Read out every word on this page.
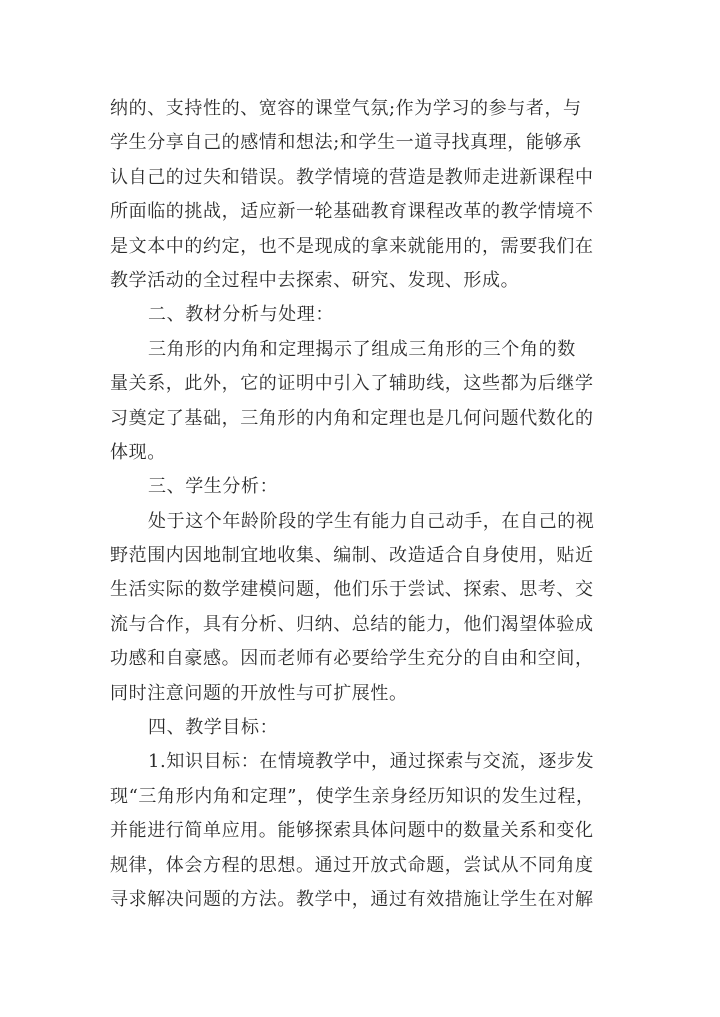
纳的、支持性的、宽容的课堂气氛;作为学习的参与者，与
学生分享自己的感情和想法;和学生一道寻找真理，能够承
认自己的过失和错误。教学情境的营造是教师走进新课程中
所面临的挑战，适应新一轮基础教育课程改革的教学情境不
是文本中的约定，也不是现成的拿来就能用的，需要我们在
教学活动的全过程中去探索、研究、发现、形成。
二、教材分析与处理：
三角形的内角和定理揭示了组成三角形的三个角的数
量关系，此外，它的证明中引入了辅助线，这些都为后继学
习奠定了基础，三角形的内角和定理也是几何问题代数化的
体现。
三、学生分析：
处于这个年龄阶段的学生有能力自己动手，在自己的视
野范围内因地制宜地收集、编制、改造适合自身使用，贴近
生活实际的数学建模问题，他们乐于尝试、探索、思考、交
流与合作，具有分析、归纳、总结的能力，他们渴望体验成
功感和自豪感。因而老师有必要给学生充分的自由和空间，
同时注意问题的开放性与可扩展性。
四、教学目标：
1.知识目标：在情境教学中，通过探索与交流，逐步发
现“三角形内角和定理”，使学生亲身经历知识的发生过程，
并能进行简单应用。能够探索具体问题中的数量关系和变化
规律，体会方程的思想。通过开放式命题，尝试从不同角度
寻求解决问题的方法。教学中，通过有效措施让学生在对解
